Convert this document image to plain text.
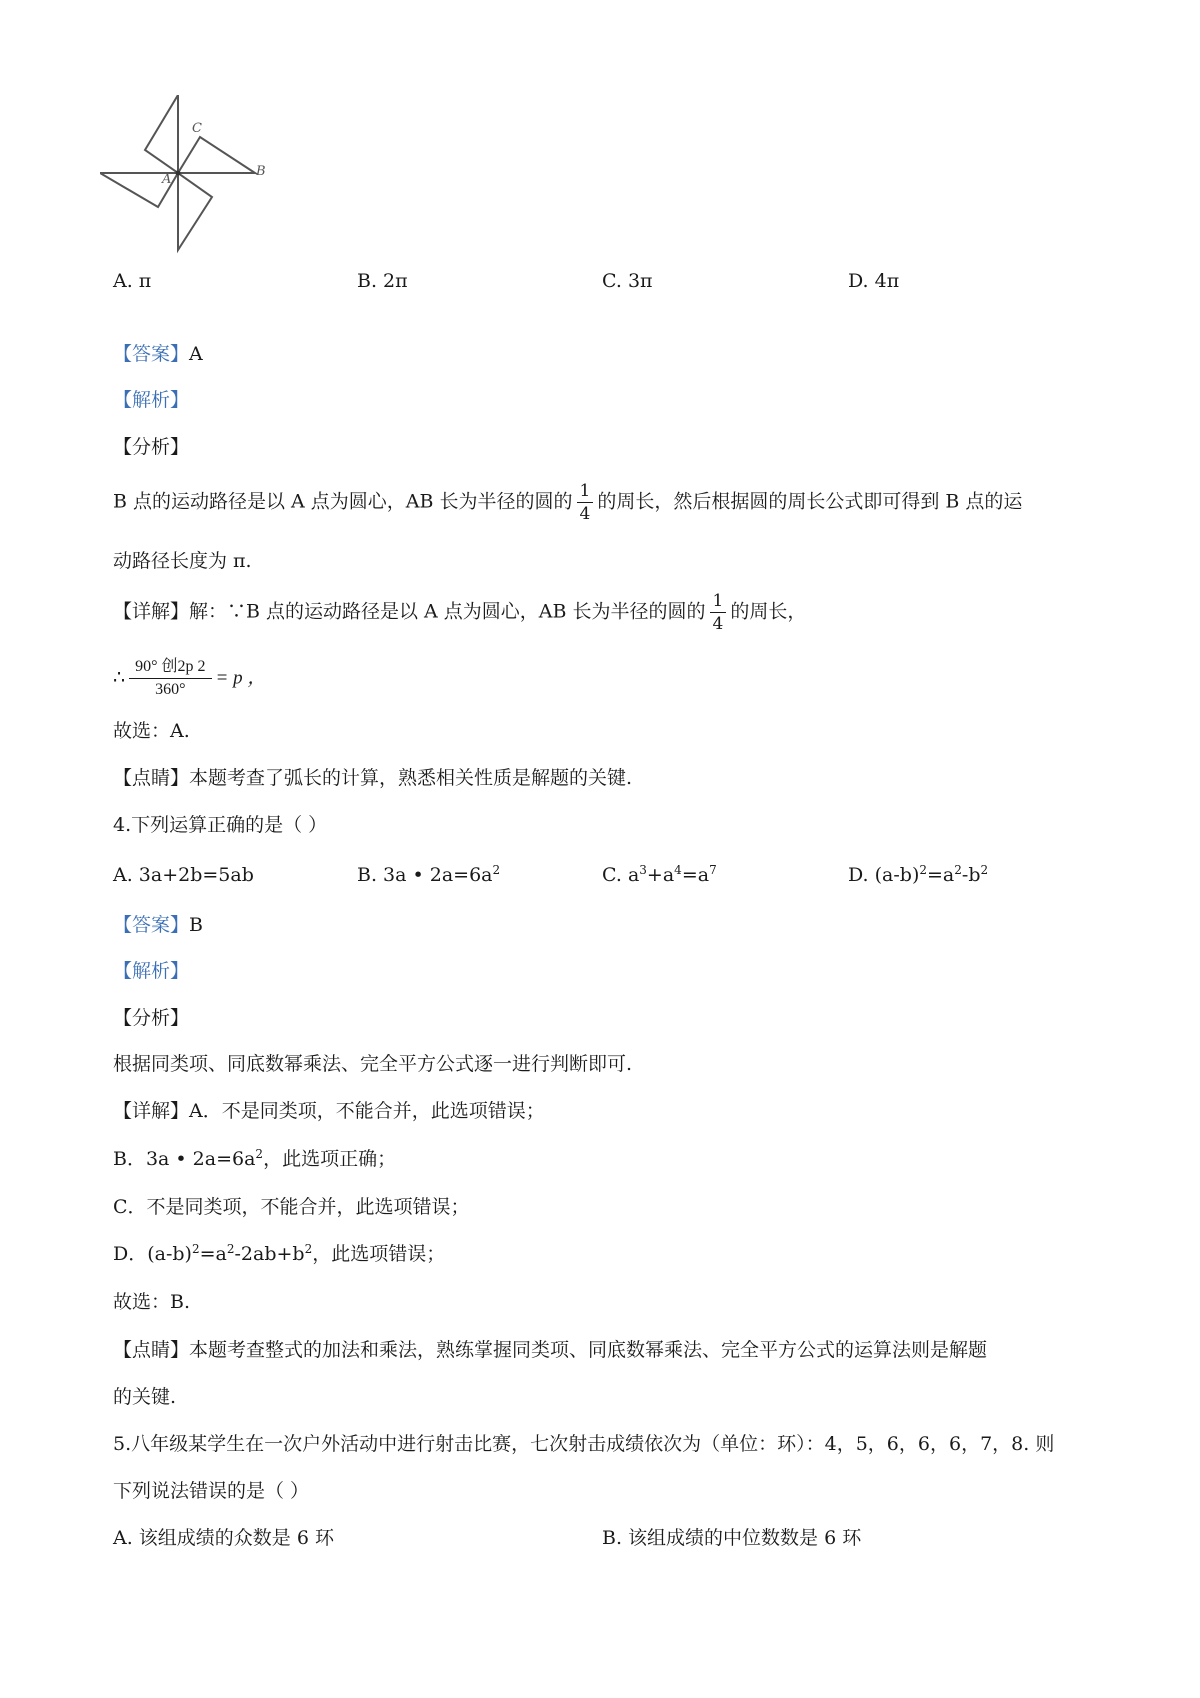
C
B
A
A. π	B. 2π	C. 3π	D. 4π
【答案】A
【解析】
【分析】
B 点的运动路径是以 A 点为圆心，AB 长为半径的圆的 $\frac{1}{4}$ 的周长，然后根据圆的周长公式即可得到 B 点的运
动路径长度为 π.
【详解】解：∵B 点的运动路径是以 A 点为圆心，AB 长为半径的圆的 $\frac{1}{4}$ 的周长，
∴ $\frac{\text{90° 创2p 2}}{360^\circ} = p$ ，
故选：A.
【点睛】本题考查了弧长的计算，熟悉相关性质是解题的关键.
4.下列运算正确的是（ ）
A. 3a+2b=5ab	B. 3a • $2a=6a^2$	C. $a^3+a^4=a^7$	D. $(a-b)^2=a^2-b^2$
【答案】B
【解析】
【分析】
根据同类项、同底数幂乘法、完全平方公式逐一进行判断即可.
【详解】A．不是同类项，不能合并，此选项错误；
B．3a • $2a=6a^2$，此选项正确；
C．不是同类项，不能合并，此选项错误；
D．$(a-b)^2=a^2-2ab+b^2$，此选项错误；
故选：B.
【点睛】本题考查整式的加法和乘法，熟练掌握同类项、同底数幂乘法、完全平方公式的运算法则是解题
的关键.
5.八年级某学生在一次户外活动中进行射击比赛，七次射击成绩依次为（单位：环）：4，5，6，6，6，7，8. 则
下列说法错误的是（ ）
A. 该组成绩的众数是 6 环	B. 该组成绩的中位数数是 6 环
